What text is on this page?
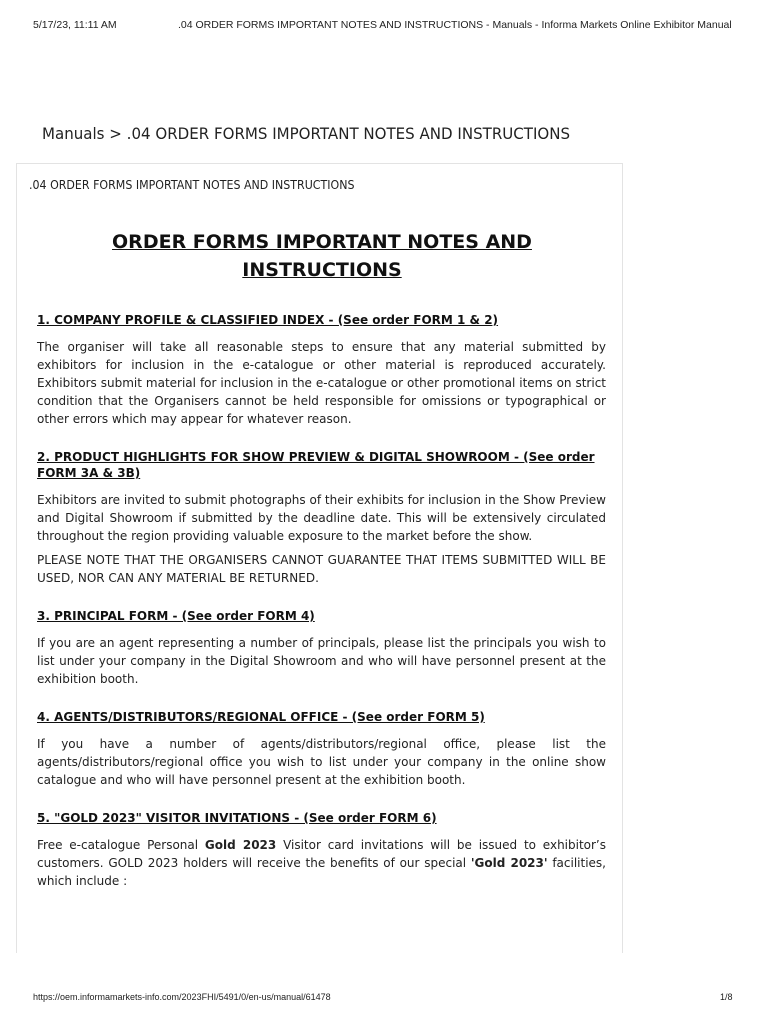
5/17/23, 11:11 AM	.04 ORDER FORMS IMPORTANT NOTES AND INSTRUCTIONS - Manuals - Informa Markets Online Exhibitor Manual
Manuals > .04 ORDER FORMS IMPORTANT NOTES AND INSTRUCTIONS
.04 ORDER FORMS IMPORTANT NOTES AND INSTRUCTIONS
ORDER FORMS IMPORTANT NOTES AND INSTRUCTIONS

1. COMPANY PROFILE & CLASSIFIED INDEX - (See order FORM 1 & 2)

The organiser will take all reasonable steps to ensure that any material submitted by exhibitors for inclusion in the e-catalogue or other material is reproduced accurately. Exhibitors submit material for inclusion in the e-catalogue or other promotional items on strict condition that the Organisers cannot be held responsible for omissions or typographical or other errors which may appear for whatever reason.

2. PRODUCT HIGHLIGHTS FOR SHOW PREVIEW & DIGITAL SHOWROOM - (See order FORM 3A & 3B)

Exhibitors are invited to submit photographs of their exhibits for inclusion in the Show Preview and Digital Showroom if submitted by the deadline date. This will be extensively circulated throughout the region providing valuable exposure to the market before the show.

PLEASE NOTE THAT THE ORGANISERS CANNOT GUARANTEE THAT ITEMS SUBMITTED WILL BE USED, NOR CAN ANY MATERIAL BE RETURNED.

3. PRINCIPAL FORM - (See order FORM 4)

If you are an agent representing a number of principals, please list the principals you wish to list under your company in the Digital Showroom and who will have personnel present at the exhibition booth.

4. AGENTS/DISTRIBUTORS/REGIONAL OFFICE - (See order FORM 5)

If you have a number of agents/distributors/regional office, please list the agents/distributors/regional office you wish to list under your company in the online show catalogue and who will have personnel present at the exhibition booth.

5. "GOLD 2023" VISITOR INVITATIONS - (See order FORM 6)

Free e-catalogue Personal Gold 2023 Visitor card invitations will be issued to exhibitor’s customers. GOLD 2023 holders will receive the benefits of our special 'Gold 2023' facilities, which include :

https://oem.informamarkets-info.com/2023FHI/5491/0/en-us/manual/61478	1/8
